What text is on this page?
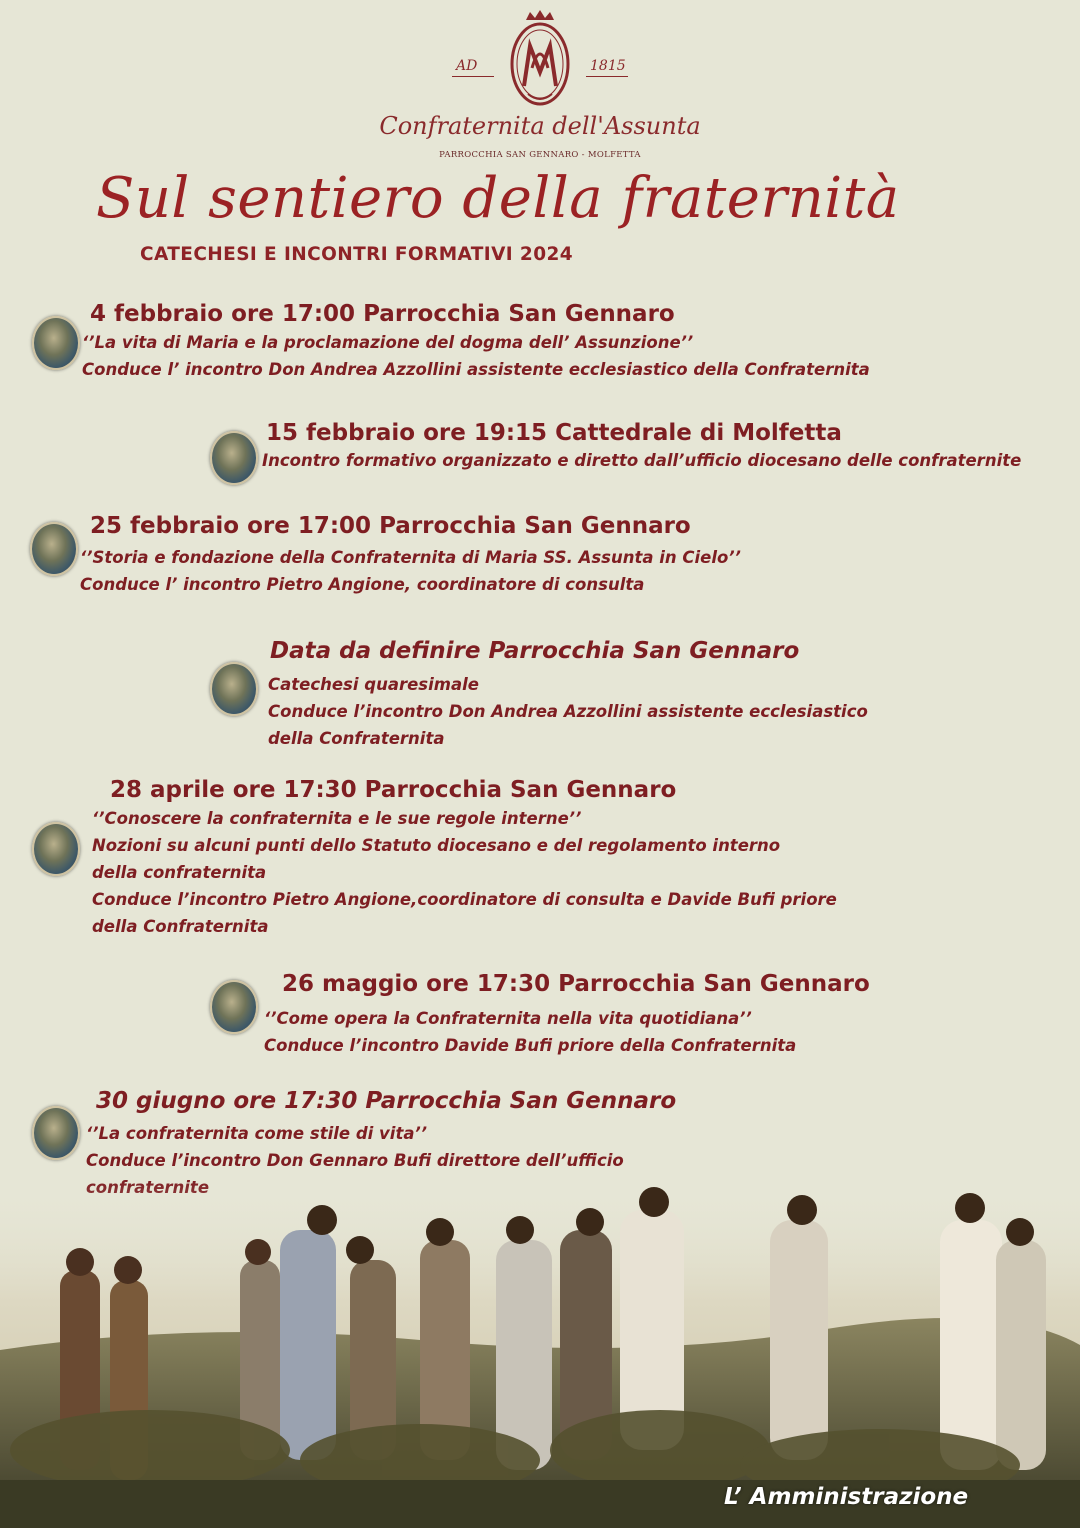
AD	1815
Confraternita dell'Assunta
PARROCCHIA SAN GENNARO - MOLFETTA
Sul sentiero della fraternità
CATECHESI E INCONTRI FORMATIVI 2024
4 febbraio ore 17:00 Parrocchia San Gennaro
‘’La vita di Maria e la proclamazione del dogma dell’ Assunzione’’
Conduce l’ incontro Don Andrea Azzollini assistente ecclesiastico della Confraternita
15 febbraio ore 19:15 Cattedrale di Molfetta
Incontro formativo organizzato e diretto dall’ufficio diocesano delle confraternite
25 febbraio ore 17:00 Parrocchia San Gennaro
‘’Storia e fondazione della Confraternita di Maria SS. Assunta in Cielo’’
Conduce l’ incontro Pietro Angione, coordinatore di consulta
Data da definire Parrocchia San Gennaro
Catechesi quaresimale
Conduce l’incontro Don Andrea Azzollini assistente ecclesiastico
della Confraternita
28 aprile ore 17:30 Parrocchia San Gennaro
‘’Conoscere la confraternita e le sue regole interne’’
Nozioni su alcuni punti dello Statuto diocesano e del regolamento interno
della confraternita
Conduce l’incontro Pietro Angione,coordinatore di consulta e Davide Bufi priore
della Confraternita
26 maggio ore 17:30 Parrocchia San Gennaro
‘’Come opera la Confraternita nella vita quotidiana’’
Conduce l’incontro Davide Bufi priore della Confraternita
30 giugno ore 17:30 Parrocchia San Gennaro
‘’La confraternita come stile di vita’’
Conduce l’incontro Don Gennaro Bufi direttore dell’ufficio
L’ Amministrazione
